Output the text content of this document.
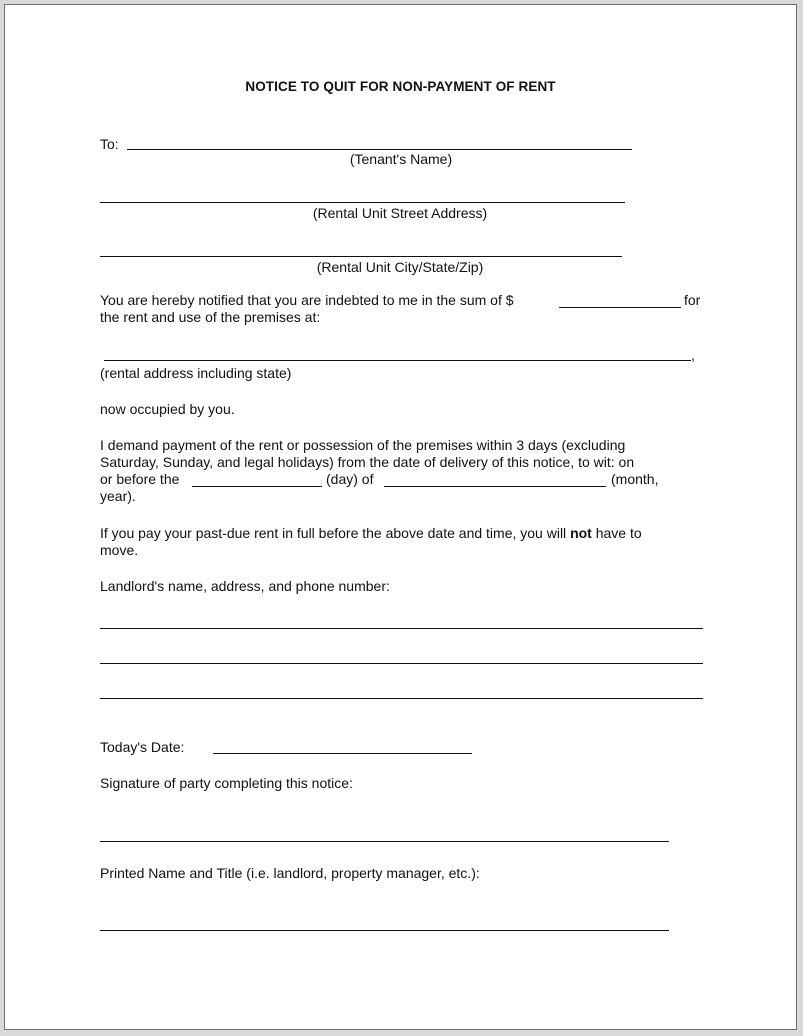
NOTICE TO QUIT FOR NON-PAYMENT OF RENT
To:
(Tenant's Name)
(Rental Unit Street Address)
(Rental Unit City/State/Zip)
You are hereby notified that you are indebted to me in the sum of $	for
the rent and use of the premises at:
,
(rental address including state)
now occupied by you.
I demand payment of the rent or possession of the premises within 3 days (excluding
Saturday, Sunday, and legal holidays) from the date of delivery of this notice, to wit: on
or before the	(day) of	(month,
year).
If you pay your past-due rent in full before the above date and time, you will not have to
move.
Landlord's name, address, and phone number:
Today's Date:
Signature of party completing this notice:
Printed Name and Title (i.e. landlord, property manager, etc.):
